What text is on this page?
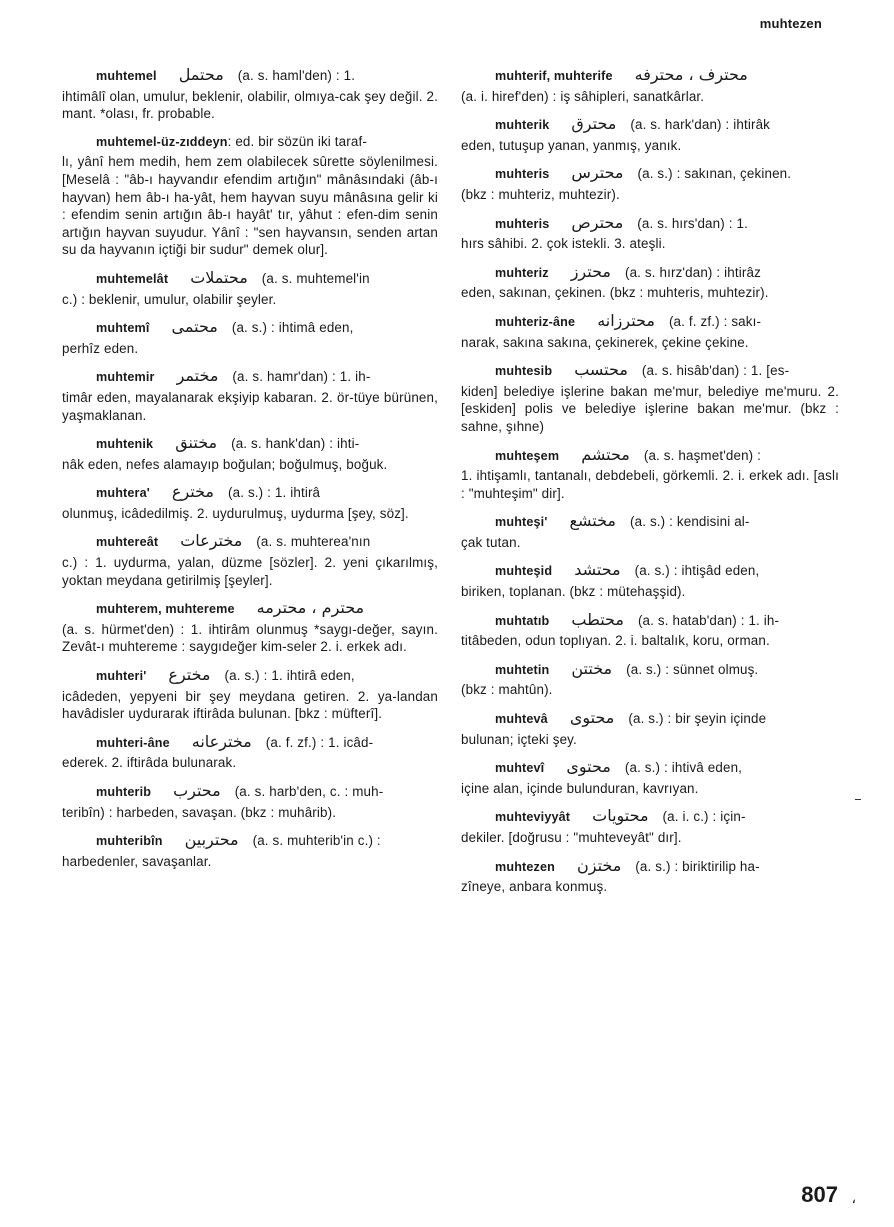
muhtezen
muhtemel محتمل (a. s. haml'den) : 1.
ihtimâlî olan, umulur, beklenir, olabilir, olmıya-cak şey değil. 2. mant. *olası, fr. probable.
muhtemel-üz-zıddeyn : ed. bir sözün iki taraf-
lı, yânî hem medih, hem zem olabilecek sûrette söylenilmesi. [Meselâ : "âb-ı hayvandır efendim artığın" mânâsındaki (âb-ı hayvan) hem âb-ı ha-yât, hem hayvan suyu mânâsına gelir ki : efendim senin artığın âb-ı hayât' tır, yâhut : efen-dim senin artığın hayvan suyudur. Yânî : "sen hayvansın, senden artan su da hayvanın içtiği bir sudur" demek olur].
muhtemelât محتملات (a. s. muhtemel'in
c.) : beklenir, umulur, olabilir şeyler.
muhtemî محتمى (a. s.) : ihtimâ eden,
perhîz eden.
muhtemir مختمر (a. s. hamr'dan) : 1. ih-
timâr eden, mayalanarak ekşiyip kabaran. 2. ör-tüye bürünen, yaşmaklanan.
muhtenik مختنق (a. s. hank'dan) : ihti-
nâk eden, nefes alamayıp boğulan; boğulmuş, boğuk.
muhtera' مخترع (a. s.) : 1. ihtirâ
olunmuş, icâdedilmiş. 2. uydurulmuş, uydurma [şey, söz].
muhtereât مخترعات (a. s. muhterea'nın
c.) : 1. uydurma, yalan, düzme [sözler]. 2. yeni çıkarılmış, yoktan meydana getirilmiş [şeyler].
muhterem, muhtereme محترم ، محترمه
(a. s. hürmet'den) : 1. ihtirâm olunmuş *saygı-değer, sayın. Zevât-ı muhtereme : saygıdeğer kim-seler 2. i. erkek adı.
muhteri' مخترع (a. s.) : 1. ihtirâ eden,
icâdeden, yepyeni bir şey meydana getiren. 2. ya-landan havâdisler uydurarak iftirâda bulunan. [bkz : müfterî].
muhteri-âne مخترعانه (a. f. zf.) : 1. icâd-
ederek. 2. iftirâda bulunarak.
muhterib محترب (a. s. harb'den, c. : muh-
teribîn) : harbeden, savaşan. (bkz : muhârib).
muhteribîn محتربين (a. s. muhterib'in c.) :
harbedenler, savaşanlar.
muhterif, muhterife محترف ، محترفه
(a. i. hiref'den) : iş sâhipleri, sanatkârlar.
muhterik محترق (a. s. hark'dan) : ihtirâk
eden, tutuşup yanan, yanmış, yanık.
muhteris محترس (a. s.) : sakınan, çekinen.
(bkz : muhteriz, muhtezir).
muhteris محترص (a. s. hırs'dan) : 1.
hırs sâhibi. 2. çok istekli. 3. ateşli.
muhteriz محترز (a. s. hırz'dan) : ihtirâz
eden, sakınan, çekinen. (bkz : muhteris, muhtezir).
muhteriz-âne محترزانه (a. f. zf.) : sakı-
narak, sakına sakına, çekinerek, çekine çekine.
muhtesib محتسب (a. s. hisâb'dan) : 1. [es-
kiden] belediye işlerine bakan me'mur, belediye me'muru. 2. [eskiden] polis ve belediye işlerine bakan me'mur. (bkz : sahne, şıhne)
muhteşem محتشم (a. s. haşmet'den) :
1. ihtişamlı, tantanalı, debdebeli, görkemli. 2. i. erkek adı. [aslı : "muhteşim" dir].
muhteşi' مختشع (a. s.) : kendisini al-
çak tutan.
muhteşid محتشد (a. s.) : ihtişâd eden,
biriken, toplanan. (bkz : mütehaşşid).
muhtatıb محتطب (a. s. hatab'dan) : 1. ih-
titâbeden, odun toplıyan. 2. i. baltalık, koru, orman.
muhtetin مختتن (a. s.) : sünnet olmuş.
(bkz : mahtûn).
muhtevâ محتوى (a. s.) : bir şeyin içinde
bulunan; içteki şey.
muhtevî محتوى (a. s.) : ihtivâ eden,
içine alan, içinde bulunduran, kavrıyan.
muhteviyyât محتويات (a. i. c.) : için-
dekiler. [doğrusu : "muhteveyât" dır].
muhtezen مختزن (a. s.) : biriktirilip ha-
zîneye, anbara konmuş.
807 ،
